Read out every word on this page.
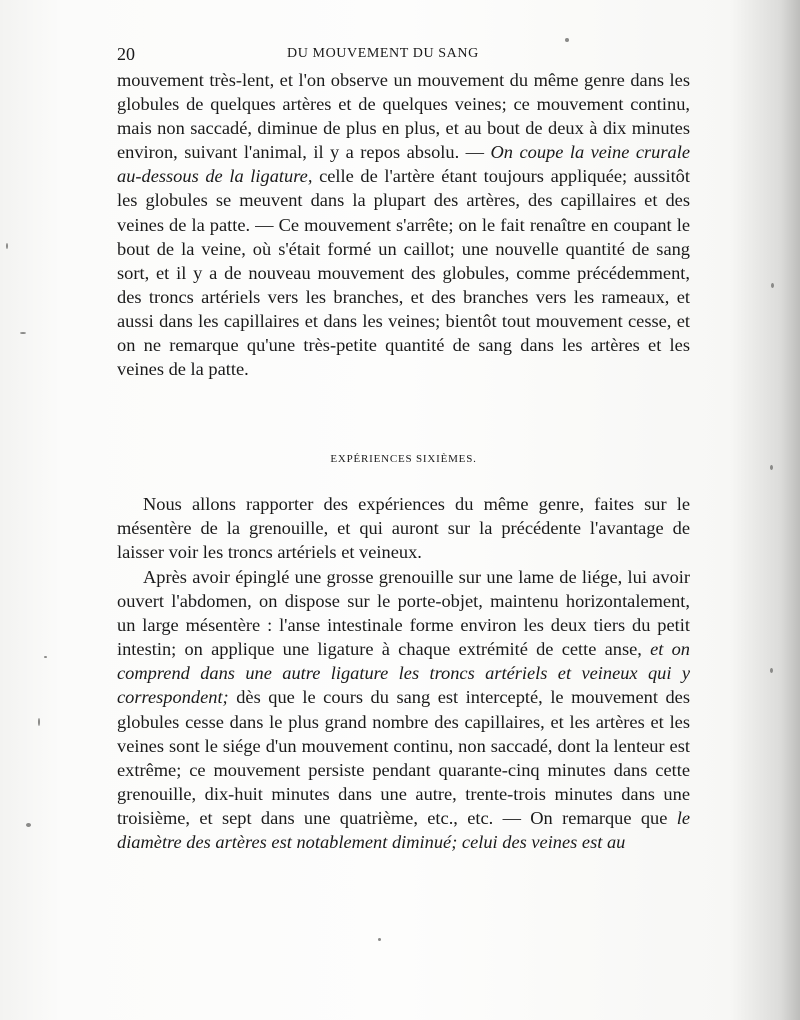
20	DU MOUVEMENT DU SANG

mouvement très-lent, et l'on observe un mouvement du même genre dans les globules de quelques artères et de quelques veines; ce mouvement continu, mais non saccadé, diminue de plus en plus, et au bout de deux à dix minutes environ, suivant l'animal, il y a repos absolu. — On coupe la veine crurale au-dessous de la ligature, celle de l'artère étant toujours appliquée; aussitôt les globules se meuvent dans la plupart des artères, des capillaires et des veines de la patte. — Ce mouvement s'arrête; on le fait renaître en coupant le bout de la veine, où s'était formé un caillot; une nouvelle quantité de sang sort, et il y a de nouveau mouvement des globules, comme précédemment, des troncs artériels vers les branches, et des branches vers les rameaux, et aussi dans les capillaires et dans les veines; bientôt tout mouvement cesse, et on ne remarque qu'une très-petite quantité de sang dans les artères et les veines de la patte.

EXPÉRIENCES SIXIÈMES.

Nous allons rapporter des expériences du même genre, faites sur le mésentère de la grenouille, et qui auront sur la précédente l'avantage de laisser voir les troncs artériels et veineux.

Après avoir épinglé une grosse grenouille sur une lame de liége, lui avoir ouvert l'abdomen, on dispose sur le porte-objet, maintenu horizontalement, un large mésentère : l'anse intestinale forme environ les deux tiers du petit intestin; on applique une ligature à chaque extrémité de cette anse, et on comprend dans une autre ligature les troncs artériels et veineux qui y correspondent; dès que le cours du sang est intercepté, le mouvement des globules cesse dans le plus grand nombre des capillaires, et les artères et les veines sont le siége d'un mouvement continu, non saccadé, dont la lenteur est extrême; ce mouvement persiste pendant quarante-cinq minutes dans cette grenouille, dix-huit minutes dans une autre, trente-trois minutes dans une troisième, et sept dans une quatrième, etc., etc. — On remarque que le diamètre des artères est notablement diminué; celui des veines est au
